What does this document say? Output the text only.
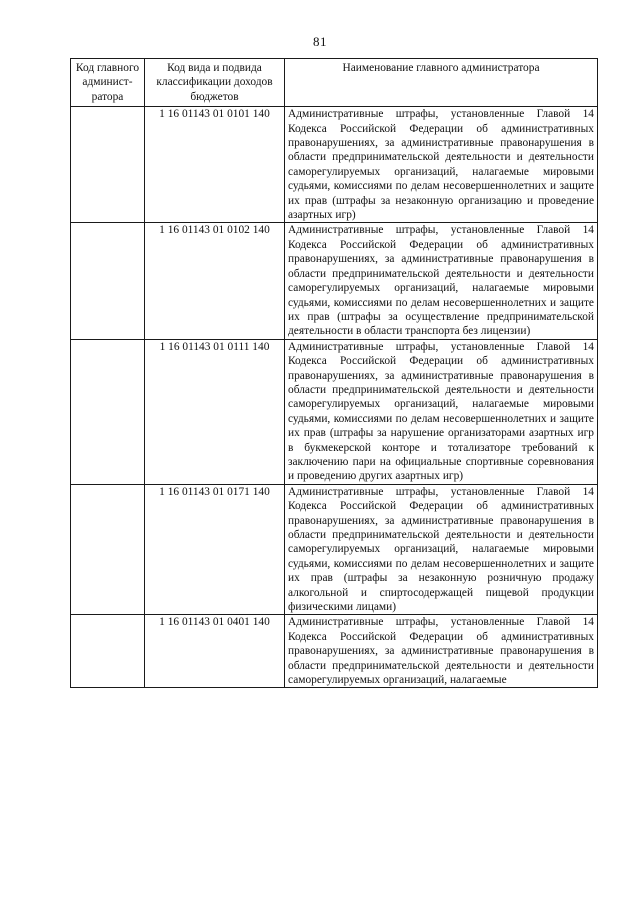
81
Код главного админист-ратора	Код вида и подвида классификации доходов бюджетов	Наименование главного администратора
	1 16 01143 01 0101 140	Административные штрафы, установленные Главой 14 Кодекса Российской Федерации об административных правонарушениях, за административные правонарушения в области предпринимательской деятельности и деятельности саморегулируемых организаций, налагаемые мировыми судьями, комиссиями по делам несовершеннолетних и защите их прав (штрафы за незаконную организацию и проведение азартных игр)
	1 16 01143 01 0102 140	Административные штрафы, установленные Главой 14 Кодекса Российской Федерации об административных правонарушениях, за административные правонарушения в области предпринимательской деятельности и деятельности саморегулируемых организаций, налагаемые мировыми судьями, комиссиями по делам несовершеннолетних и защите их прав (штрафы за осуществление предпринимательской деятельности в области транспорта без лицензии)
	1 16 01143 01 0111 140	Административные штрафы, установленные Главой 14 Кодекса Российской Федерации об административных правонарушениях, за административные правонарушения в области предпринимательской деятельности и деятельности саморегулируемых организаций, налагаемые мировыми судьями, комиссиями по делам несовершеннолетних и защите их прав (штрафы за нарушение организаторами азартных игр в букмекерской конторе и тотализаторе требований к заключению пари на официальные спортивные соревнования и проведению других азартных игр)
	1 16 01143 01 0171 140	Административные штрафы, установленные Главой 14 Кодекса Российской Федерации об административных правонарушениях, за административные правонарушения в области предпринимательской деятельности и деятельности саморегулируемых организаций, налагаемые мировыми судьями, комиссиями по делам несовершеннолетних и защите их прав (штрафы за незаконную розничную продажу алкогольной и спиртосодержащей пищевой продукции физическими лицами)
	1 16 01143 01 0401 140	Административные штрафы, установленные Главой 14 Кодекса Российской Федерации об административных правонарушениях, за административные правонарушения в области предпринимательской деятельности и деятельности саморегулируемых организаций, налагаемые
